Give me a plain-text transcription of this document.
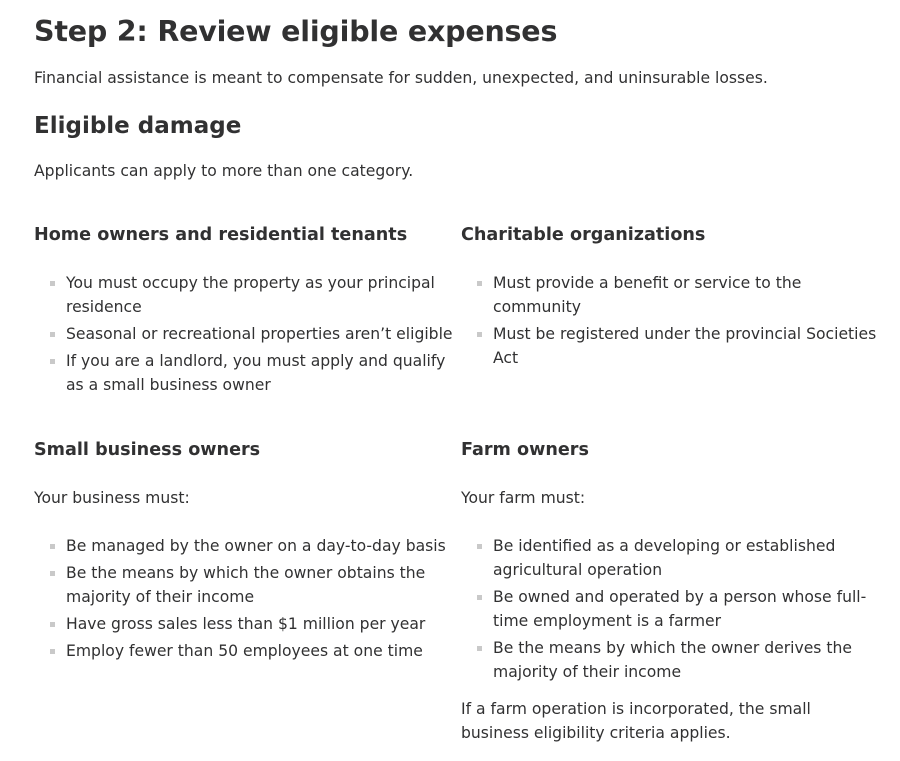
Step 2: Review eligible expenses

Financial assistance is meant to compensate for sudden, unexpected, and uninsurable losses.

Eligible damage

Applicants can apply to more than one category.

Home owners and residential tenants
You must occupy the property as your principal residence
Seasonal or recreational properties aren’t eligible
If you are a landlord, you must apply and qualify as a small business owner
Charitable organizations
Must provide a benefit or service to the community
Must be registered under the provincial Societies Act
Small business owners

Your business must:

Be managed by the owner on a day-to-day basis
Be the means by which the owner obtains the majority of their income
Have gross sales less than $1 million per year
Employ fewer than 50 employees at one time
Farm owners

Your farm must:

Be identified as a developing or established agricultural operation
Be owned and operated by a person whose full-time employment is a farmer
Be the means by which the owner derives the majority of their income

If a farm operation is incorporated, the small business eligibility criteria applies.
